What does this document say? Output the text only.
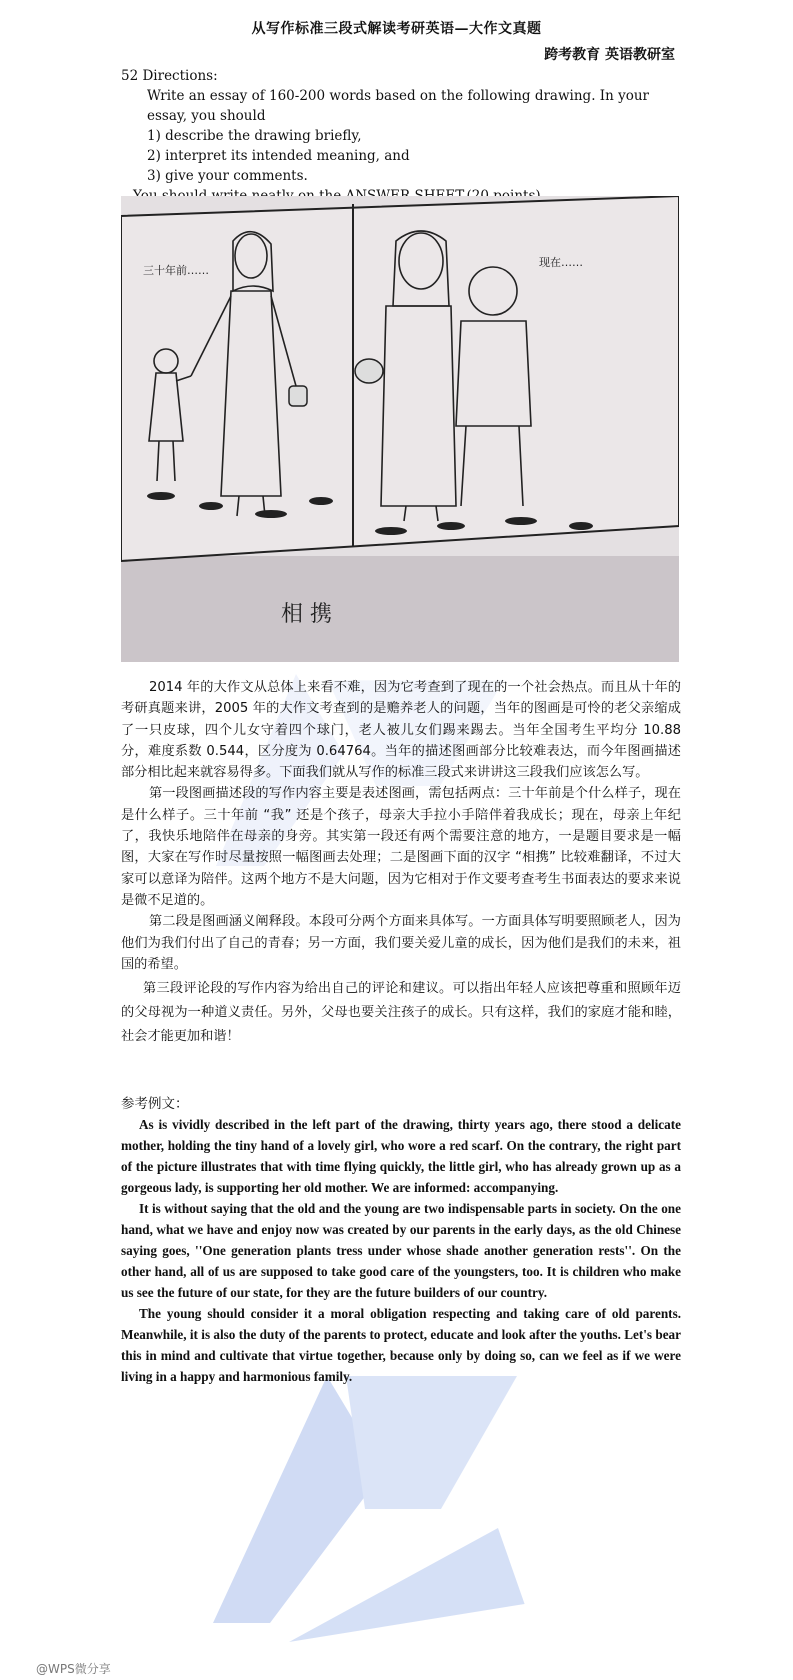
从写作标准三段式解读考研英语—大作文真题
跨考教育 英语教研室
52 Directions:
Write an essay of 160-200 words based on the following drawing. In your essay, you should
1) describe the drawing briefly,
2) interpret its intended meaning, and
3) give your comments.
三十年前……
现在……
相 携

2014 年的大作文从总体上来看不难，因为它考查到了现在的一个社会热点。而且从十年的考研真题来讲，2005 年的大作文考查到的是赡养老人的问题，当年的图画是可怜的老父亲缩成了一只皮球，四个儿女守着四个球门，老人被儿女们踢来踢去。当年全国考生平均分 10.88 分，难度系数 0.544，区分度为 0.64764。当年的描述图画部分比较难表达，而今年图画描述部分相比起来就容易得多。下面我们就从写作的标准三段式来讲讲这三段我们应该怎么写。

第一段图画描述段的写作内容主要是表述图画，需包括两点：三十年前是个什么样子，现在是什么样子。三十年前 “我” 还是个孩子，母亲大手拉小手陪伴着我成长；现在，母亲上年纪了，我快乐地陪伴在母亲的身旁。其实第一段还有两个需要注意的地方，一是题目要求是一幅图，大家在写作时尽量按照一幅图画去处理；二是图画下面的汉字 “相携” 比较难翻译，不过大家可以意译为陪伴。这两个地方不是大问题，因为它相对于作文要考查考生书面表达的要求来说是微不足道的。

第二段是图画涵义阐释段。本段可分两个方面来具体写。一方面具体写明要照顾老人，因为他们为我们付出了自己的青春；另一方面，我们要关爱儿童的成长，因为他们是我们的未来，祖国的希望。

第三段评论段的写作内容为给出自己的评论和建议。可以指出年轻人应该把尊重和照顾年迈的父母视为一种道义责任。另外，父母也要关注孩子的成长。只有这样，我们的家庭才能和睦，社会才能更加和谐！

参考例文：

As is vividly described in the left part of the drawing, thirty years ago, there stood a delicate mother, holding the tiny hand of a lovely girl, who wore a red scarf. On the contrary, the right part of the picture illustrates that with time flying quickly, the little girl, who has already grown up as a gorgeous lady, is supporting her old mother. We are informed: accompanying.

It is without saying that the old and the young are two indispensable parts in society. On the one hand, what we have and enjoy now was created by our parents in the early days, as the old Chinese saying goes, ''One generation plants tress under whose shade another generation rests''. On the other hand, all of us are supposed to take good care of the youngsters, too. It is children who make us see the future of our state, for they are the future builders of our country.

The young should consider it a moral obligation respecting and taking care of old parents. Meanwhile, it is also the duty of the parents to protect, educate and look after the youths. Let's bear this in mind and cultivate that virtue together, because only by doing so, can we feel as if we were living in a happy and harmonious family.

@WPS微分享
